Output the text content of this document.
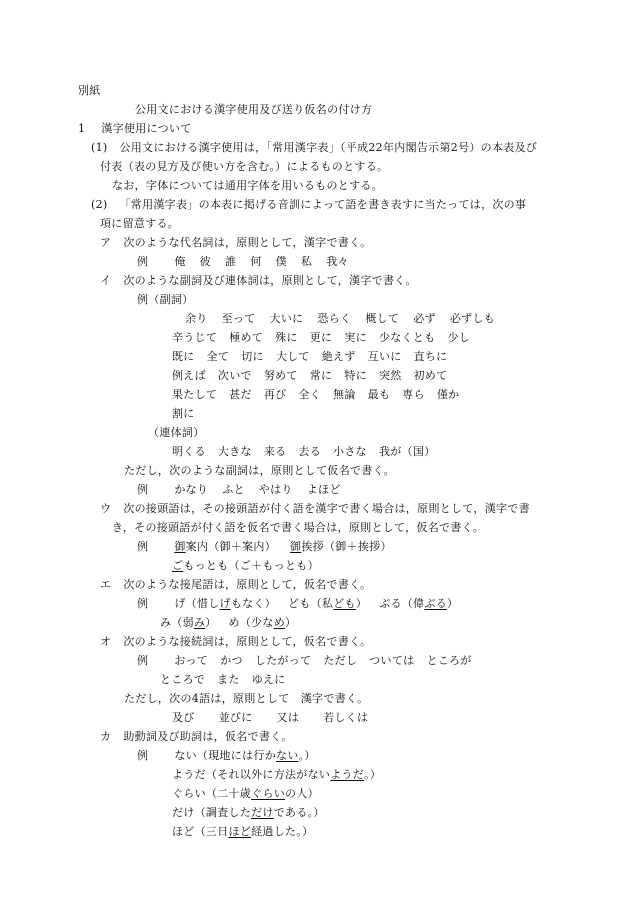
別紙
公用文における漢字使用及び送り仮名の付け方
1 漢字使用について
(1) 公用文における漢字使用は，「常用漢字表」（平成22年内閣告示第2号）の本表及び
付表（表の見方及び使い方を含む。）によるものとする。
なお，字体については通用字体を用いるものとする。
(2) 「常用漢字表」の本表に掲げる音訓によって語を書き表すに当たっては，次の事
項に留意する。
ア 次のような代名詞は，原則として，漢字で書く。
例 俺 彼 誰 何 僕 私 我々
イ 次のような副詞及び連体詞は，原則として，漢字で書く。
例（副詞）
余り 至って 大いに 恐らく 概して 必ず 必ずしも
辛うじて 極めて 殊に 更に 実に 少なくとも 少し
既に 全て 切に 大して 絶えず 互いに 直ちに
例えば 次いで 努めて 常に 特に 突然 初めて
果たして 甚だ 再び 全く 無論 最も 専ら 僅か
割に
（連体詞）
明くる 大きな 来る 去る 小さな 我が（国）
ただし，次のような副詞は，原則として仮名で書く。
例 かなり ふと やはり よほど
ウ 次の接頭語は，その接頭語が付く語を漢字で書く場合は，原則として，漢字で書
き，その接頭語が付く語を仮名で書く場合は，原則として，仮名で書く。
例 御案内（御＋案内） 御挨拶（御＋挨拶）
ごもっとも（ご＋もっとも）
エ 次のような接尾語は，原則として，仮名で書く。
例 げ（惜しげもなく） ども（私ども） ぶる（偉ぶる）
み（弱み） め（少なめ）
オ 次のような接続詞は，原則として，仮名で書く。
例 おって かつ したがって ただし ついては ところが
ところで また ゆえに
ただし，次の4語は，原則として　漢字で書く。
及び 並びに 又は 若しくは
カ 助動詞及び助詞は，仮名で書く。
例 ない（現地には行かない。）
ようだ（それ以外に方法がないようだ。）
ぐらい（二十歳ぐらいの人）
だけ（調査しただけである。）
ほど（三日ほど経過した。）
